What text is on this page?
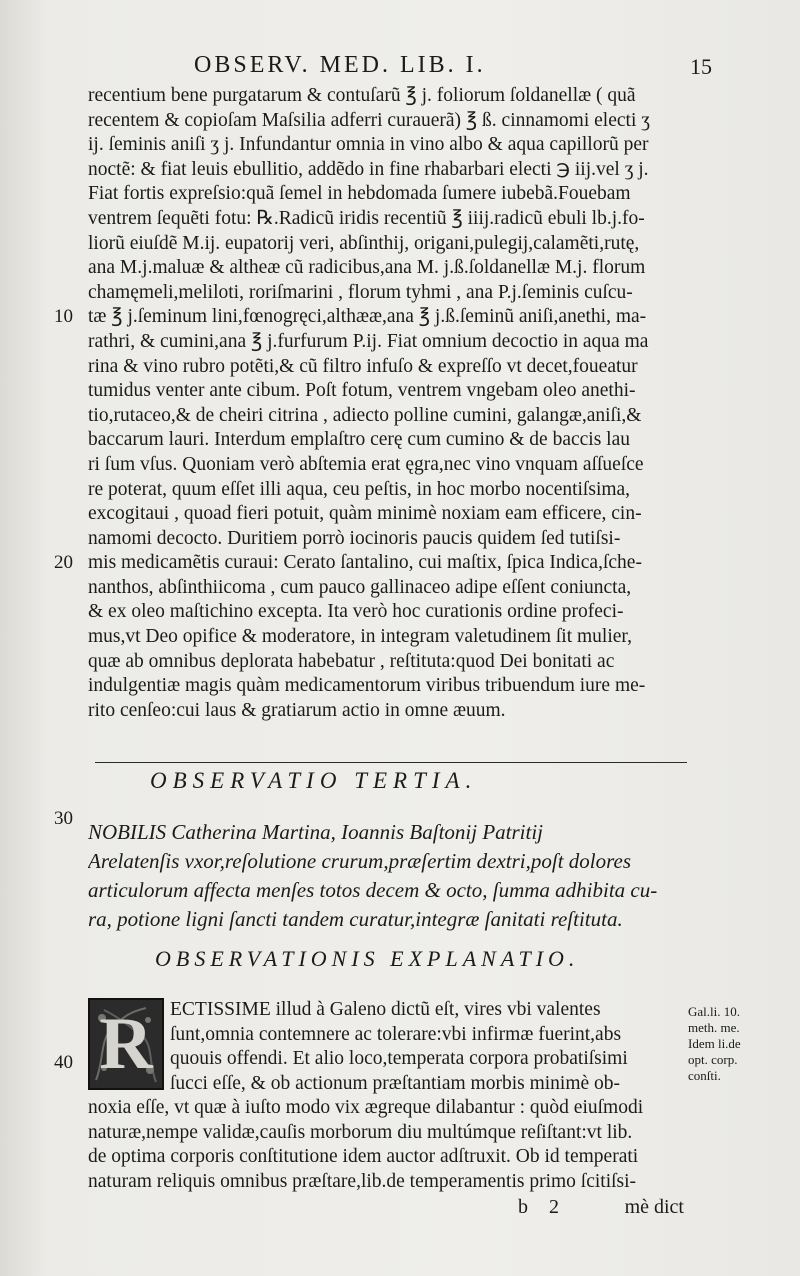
OBSERV. MED. LIB. I.	15
10
20
30
40

recentium bene purgatarum & contuſarũ ℥ j. foliorum ſoldanellæ ( quã

recentem & copioſam Maſsilia adferri curauerã) ℥ ß. cinnamomi electi ʒ

ij. ſeminis aniſi ʒ j. Infundantur omnia in vino albo & aqua capillorũ per

noctẽ: & fiat leuis ebullitio, addẽdo in fine rhabarbari electi ℈ iij.vel ʒ j.

Fiat fortis expreſsio:quã ſemel in hebdomada ſumere iubebã.Fouebam

ventrem ſequẽti fotu: ℞.Radicũ iridis recentiũ ℥ iiij.radicũ ebuli lb.j.fo-

liorũ eiuſdẽ M.ij. eupatorij veri, abſinthij, origani,pulegij,calamẽti,rutę,

ana M.j.maluæ & altheæ cũ radicibus,ana M. j.ß.ſoldanellæ M.j. florum

chamęmeli,meliloti, roriſmarini , florum tyhmi , ana P.j.ſeminis cuſcu-

tæ ℥ j.ſeminum lini,fœnogręci,althææ,ana ℥ j.ß.ſeminũ aniſi,anethi, ma-

rathri, & cumini,ana ℥ j.furfurum P.ij. Fiat omnium decoctio in aqua ma

rina & vino rubro potẽti,& cũ filtro infuſo & expreſſo vt decet,foueatur

tumidus venter ante cibum. Poſt fotum, ventrem vngebam oleo anethi-

tio,rutaceo,& de cheiri citrina , adiecto polline cumini, galangæ,aniſi,&

baccarum lauri. Interdum emplaſtro cerę cum cumino & de baccis lau

ri ſum vſus. Quoniam verò abſtemia erat ęgra,nec vino vnquam aſſueſce

re poterat, quum eſſet illi aqua, ceu peſtis, in hoc morbo nocentiſsima,

excogitaui , quoad fieri potuit, quàm minimè noxiam eam efficere, cin-

namomi decocto. Duritiem porrò iocinoris paucis quidem ſed tutiſsi-

mis medicamẽtis curaui: Cerato ſantalino, cui maſtix, ſpica Indica,ſche-

nanthos, abſinthiicoma , cum pauco gallinaceo adipe eſſent coniuncta,

& ex oleo maſtichino excepta. Ita verò hoc curationis ordine profeci-

mus,vt Deo opifice & moderatore, in integram valetudinem ſit mulier,

quæ ab omnibus deplorata habebatur , reſtituta:quod Dei bonitati ac

indulgentiæ magis quàm medicamentorum viribus tribuendum iure me-

rito cenſeo:cui laus & gratiarum actio in omne æuum.

OBSERVATIO TERTIA.

NOBILIS Catherina Martina, Ioannis Baſtonij Patritij

Arelatenſis vxor,reſolutione crurum,præſertim dextri,poſt dolores

articulorum affecta menſes totos decem & octo, ſumma adhibita cu-

ra, potione ligni ſancti tandem curatur,integræ ſanitati reſtituta.

OBSERVATIONIS EXPLANATIO.
R ECTISSIME illud à Galeno dictũ eſt, vires vbi valentes

ſunt,omnia contemnere ac tolerare:vbi infirmæ fuerint,abs

quouis offendi. Et alio loco,temperata corpora probatiſsimi

ſucci eſſe, & ob actionum præſtantiam morbis minimè ob-

Gal.li. 10.

meth. me.

Idem li.de

opt. corp.

conſti.

noxia eſſe, vt quæ à iuſto modo vix ægreque dilabantur : quòd eiuſmodi

naturæ,nempe validæ,cauſis morborum diu multúmque reſiſtant:vt lib.

de optima corporis conſtitutione idem auctor adſtruxit. Ob id temperati

naturam reliquis omnibus præſtare,lib.de temperamentis primo ſcitiſsi-

b 2	mè dict
